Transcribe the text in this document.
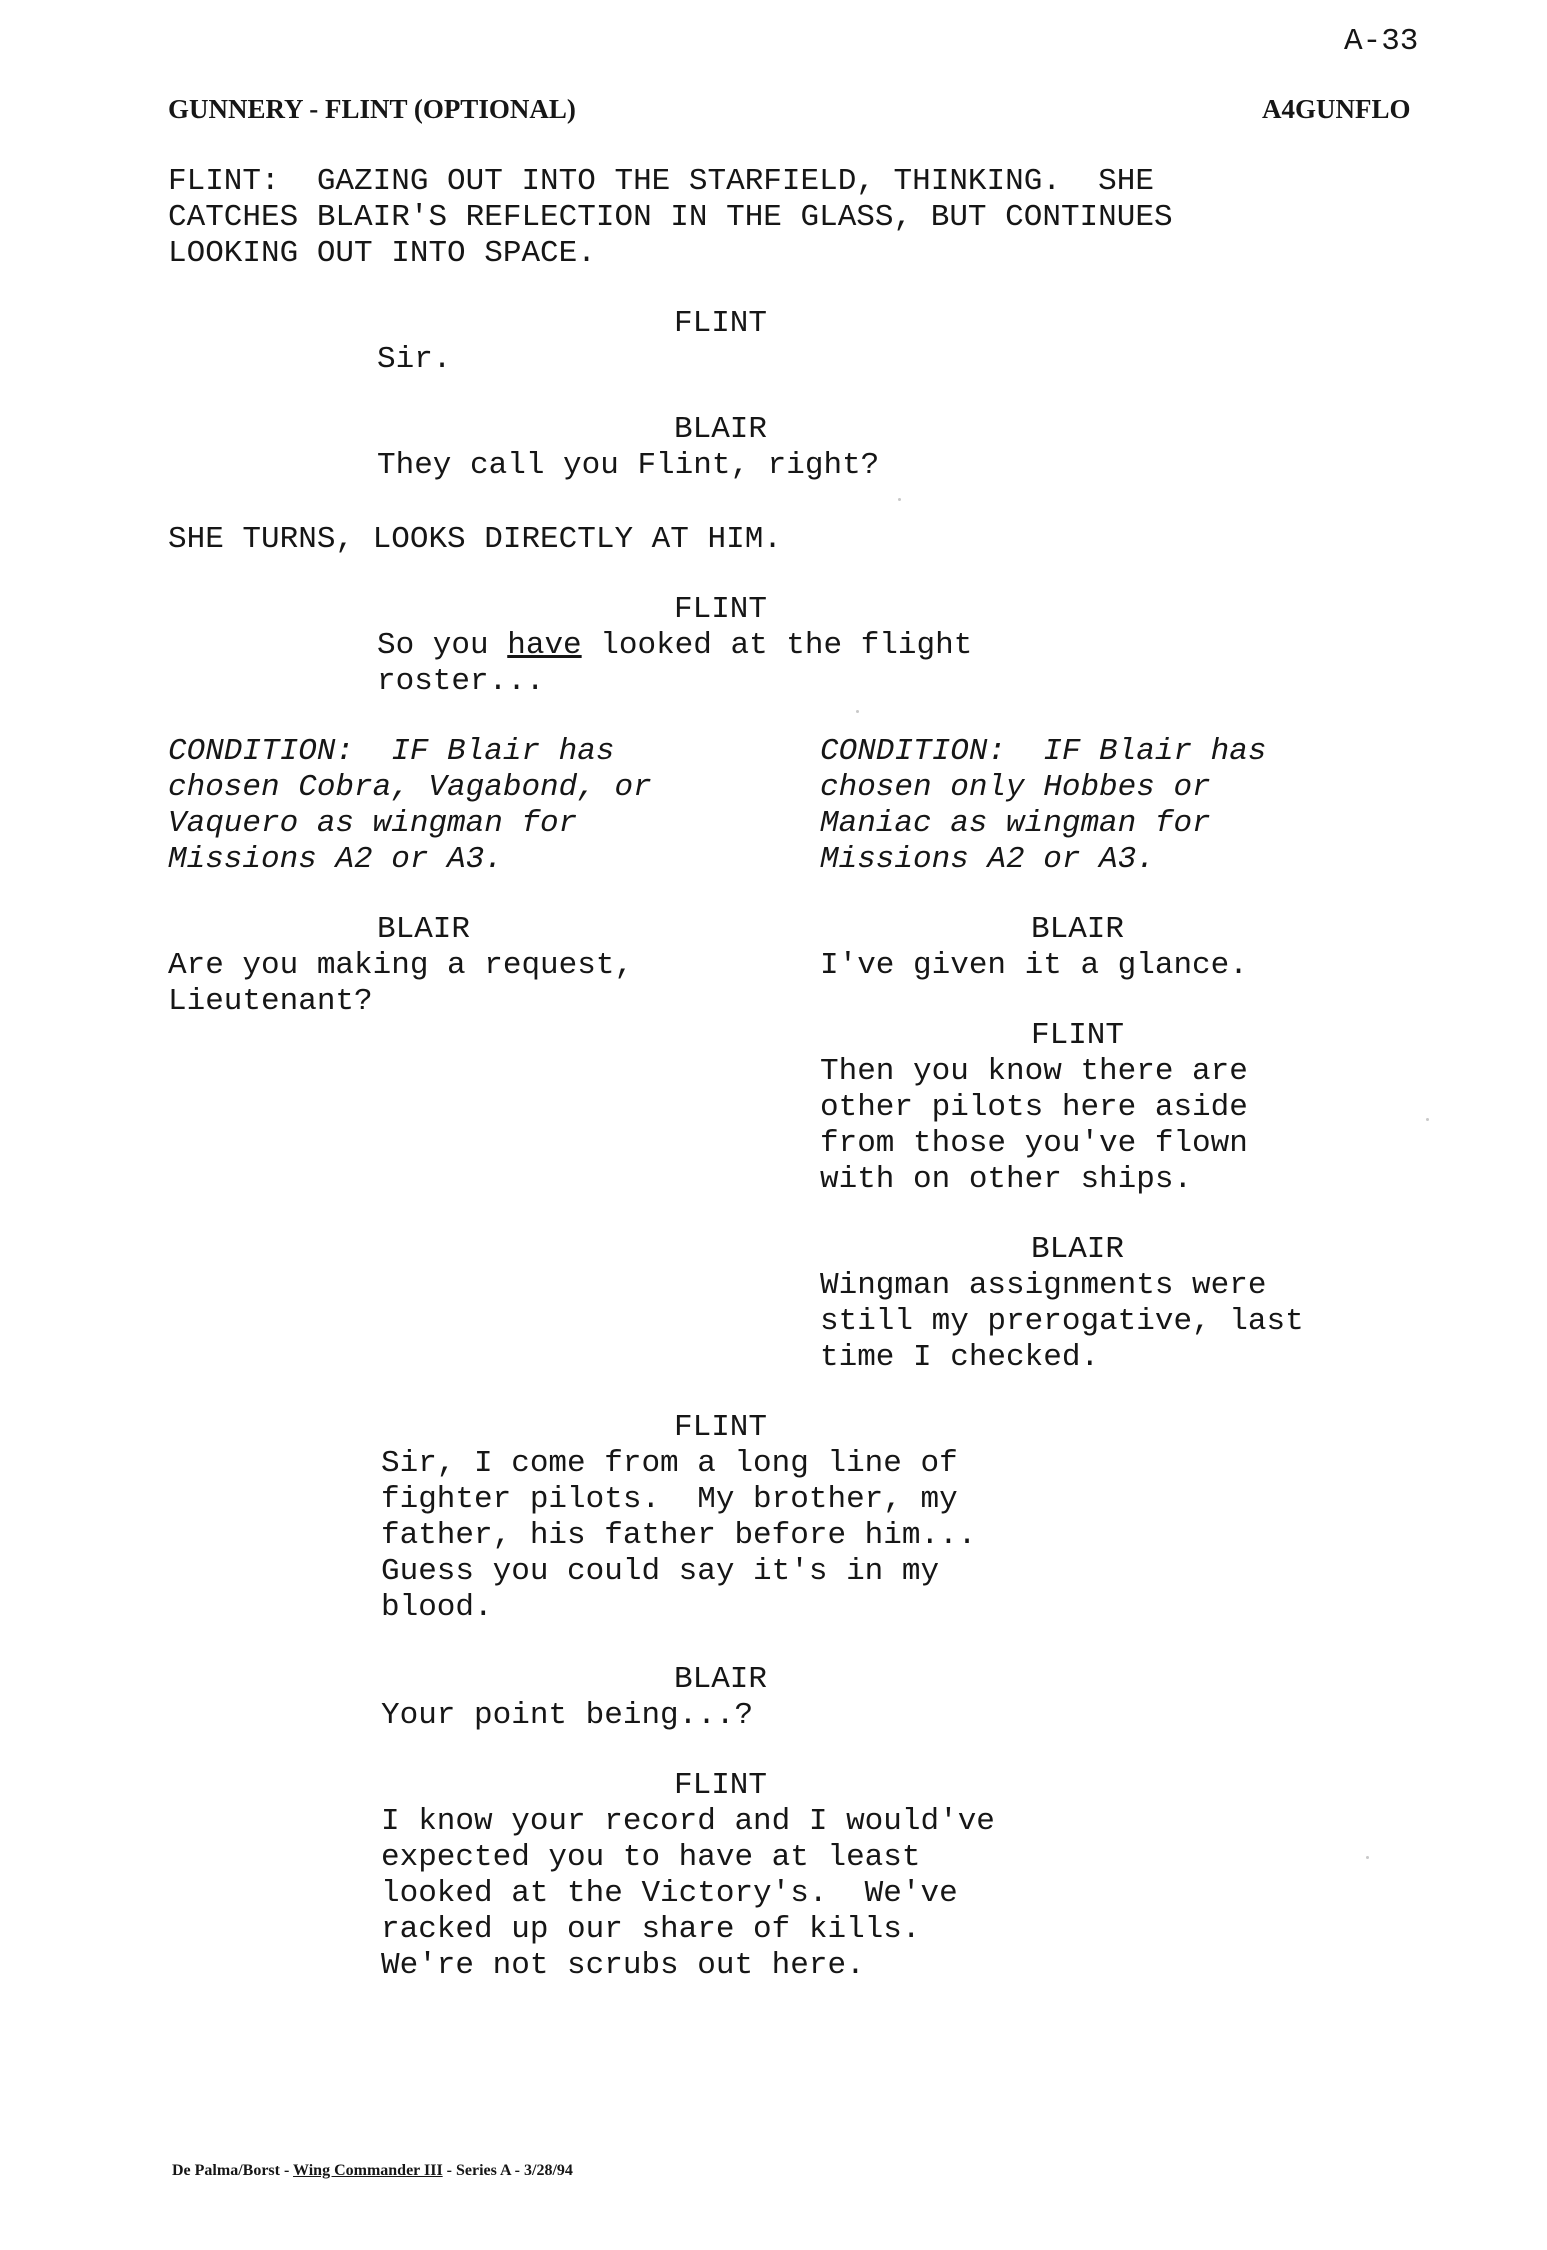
A-33
GUNNERY - FLINT (OPTIONAL)	A4GUNFLO
FLINT:  GAZING OUT INTO THE STARFIELD, THINKING.  SHE
CATCHES BLAIR'S REFLECTION IN THE GLASS, BUT CONTINUES
LOOKING OUT INTO SPACE.
FLINT
Sir.
BLAIR
They call you Flint, right?
SHE TURNS, LOOKS DIRECTLY AT HIM.
FLINT
So you have looked at the flight
roster...
CONDITION:  IF Blair has
chosen Cobra, Vagabond, or
Vaquero as wingman for
Missions A2 or A3.
BLAIR
Are you making a request,
Lieutenant?
CONDITION:  IF Blair has
chosen only Hobbes or
Maniac as wingman for
Missions A2 or A3.
BLAIR
I've given it a glance.
FLINT
Then you know there are
other pilots here aside
from those you've flown
with on other ships.
BLAIR
Wingman assignments were
still my prerogative, last
time I checked.
FLINT
Sir, I come from a long line of
fighter pilots.  My brother, my
father, his father before him...
Guess you could say it's in my
blood.
BLAIR
Your point being...?
FLINT
I know your record and I would've
expected you to have at least
looked at the Victory's.  We've
racked up our share of kills.
We're not scrubs out here.
De Palma/Borst - Wing Commander III - Series A - 3/28/94
